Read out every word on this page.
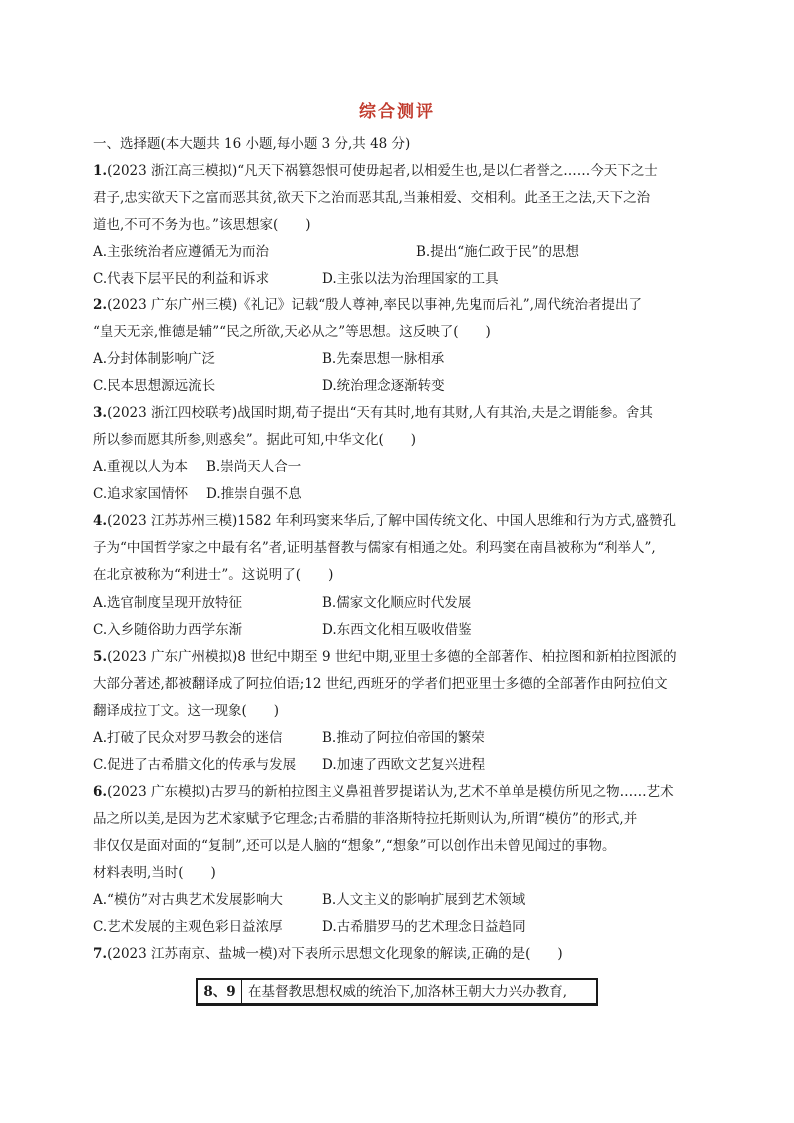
综合测评
一、选择题(本大题共 16 小题,每小题 3 分,共 48 分)
1.(2023 浙江高三模拟)“凡天下祸篡怨恨可使毋起者,以相爱生也,是以仁者誉之……今天下之士
君子,忠实欲天下之富而恶其贫,欲天下之治而恶其乱,当兼相爱、交相利。此圣王之法,天下之治
道也,不可不务为也。”该思想家(　　)
A.主张统治者应遵循无为而治	B.提出“施仁政于民”的思想
C.代表下层平民的利益和诉求	D.主张以法为治理国家的工具
2.(2023 广东广州三模)《礼记》记载“殷人尊神,率民以事神,先鬼而后礼”,周代统治者提出了
“皇天无亲,惟德是辅”“民之所欲,天必从之”等思想。这反映了(　　)
A.分封体制影响广泛	B.先秦思想一脉相承
C.民本思想源远流长	D.统治理念逐渐转变
3.(2023 浙江四校联考)战国时期,荀子提出“天有其时,地有其财,人有其治,夫是之谓能参。舍其
所以参而愿其所参,则惑矣”。据此可知,中华文化(　　)
A.重视以人为本 B.崇尚天人合一
C.追求家国情怀 D.推崇自强不息
4.(2023 江苏苏州三模)1582 年利玛窦来华后,了解中国传统文化、中国人思维和行为方式,盛赞孔
子为“中国哲学家之中最有名”者,证明基督教与儒家有相通之处。利玛窦在南昌被称为“利举人”,
在北京被称为“利进士”。这说明了(　　)
A.选官制度呈现开放特征	B.儒家文化顺应时代发展
C.入乡随俗助力西学东渐	D.东西文化相互吸收借鉴
5.(2023 广东广州模拟)8 世纪中期至 9 世纪中期,亚里士多德的全部著作、柏拉图和新柏拉图派的
大部分著述,都被翻译成了阿拉伯语;12 世纪,西班牙的学者们把亚里士多德的全部著作由阿拉伯文
翻译成拉丁文。这一现象(　　)
A.打破了民众对罗马教会的迷信	B.推动了阿拉伯帝国的繁荣
C.促进了古希腊文化的传承与发展 D.加速了西欧文艺复兴进程
6.(2023 广东模拟)古罗马的新柏拉图主义鼻祖普罗提诺认为,艺术不单单是模仿所见之物……艺术
品之所以美,是因为艺术家赋予它理念;古希腊的菲洛斯特拉托斯则认为,所谓“模仿”的形式,并
非仅仅是面对面的“复制”,还可以是人脑的“想象”,“想象”可以创作出未曾见闻过的事物。
材料表明,当时(　　)
A.“模仿”对古典艺术发展影响大	B.人文主义的影响扩展到艺术领域
C.艺术发展的主观色彩日益浓厚	D.古希腊罗马的艺术理念日益趋同
7.(2023 江苏南京、盐城一模)对下表所示思想文化现象的解读,正确的是(　　)
8、9 在基督教思想权威的统治下,加洛林王朝大力兴办教育,
